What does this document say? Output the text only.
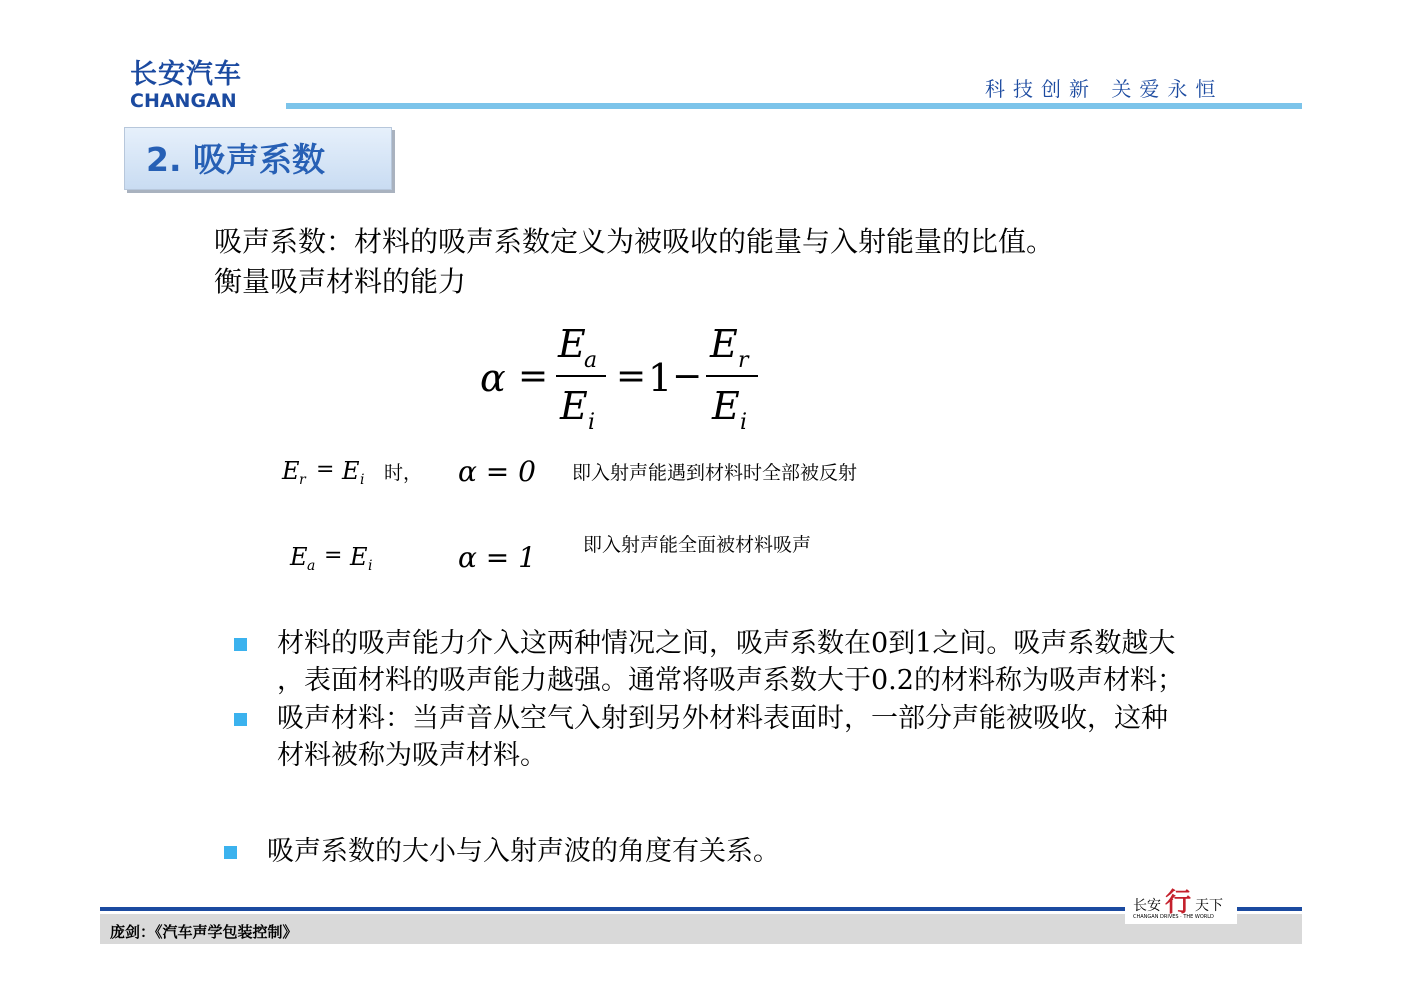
长安汽车
CHANGAN	科技创新 关爱永恒
2. 吸声系数
吸声系数：材料的吸声系数定义为被吸收的能量与入射能量的比值。
衡量吸声材料的能力
α =
E
a
E i
= 1 −
E r
E i
E r = E i 时， α = 0 即入射声能遇到材料时全部被反射
E a = E i	α = 1 即入射声能全面被材料吸声
材料的吸声能力介入这两种情况之间，吸声系数在0到1之间。吸声系数越大
，表面材料的吸声能力越强。通常将吸声系数大于0.2的材料称为吸声材料；
吸声材料：当声音从空气入射到另外材料表面时，一部分声能被吸收，这种
材料被称为吸声材料。
吸声系数的大小与入射声波的角度有关系。
庞剑：《汽车声学包装控制》
长安 行 天下
CHANGAN DRIVES · THE WORLD
